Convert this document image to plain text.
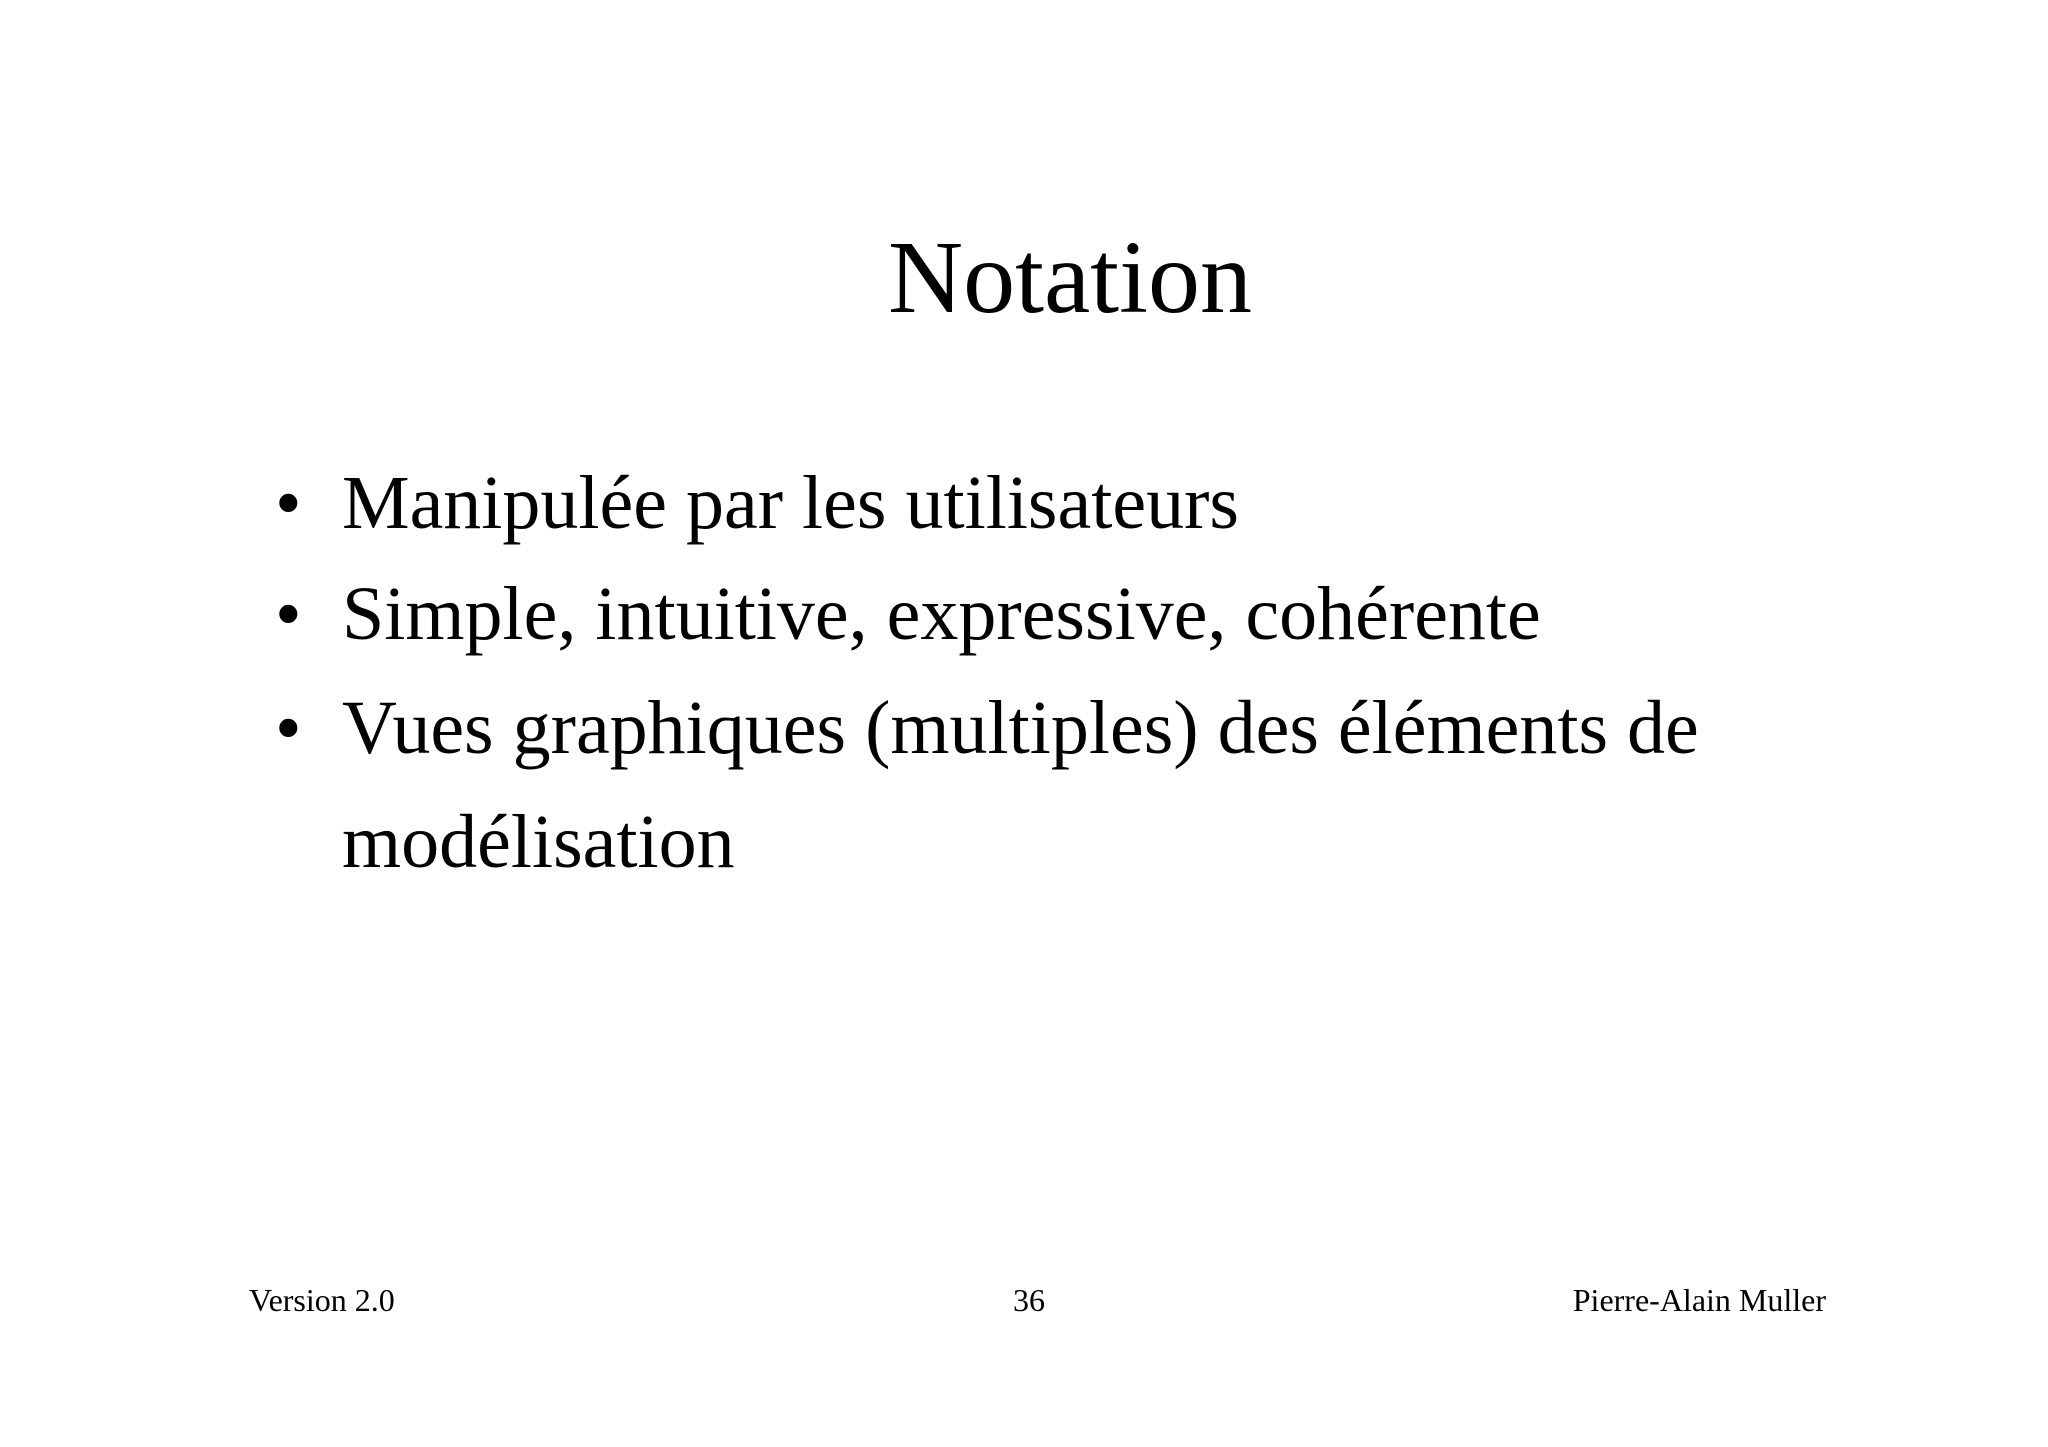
Notation
• Manipulée par les utilisateurs
• Simple, intuitive, expressive, cohérente
• Vues graphiques (multiples) des éléments de modélisation
Version 2.0	36	Pierre-Alain Muller
